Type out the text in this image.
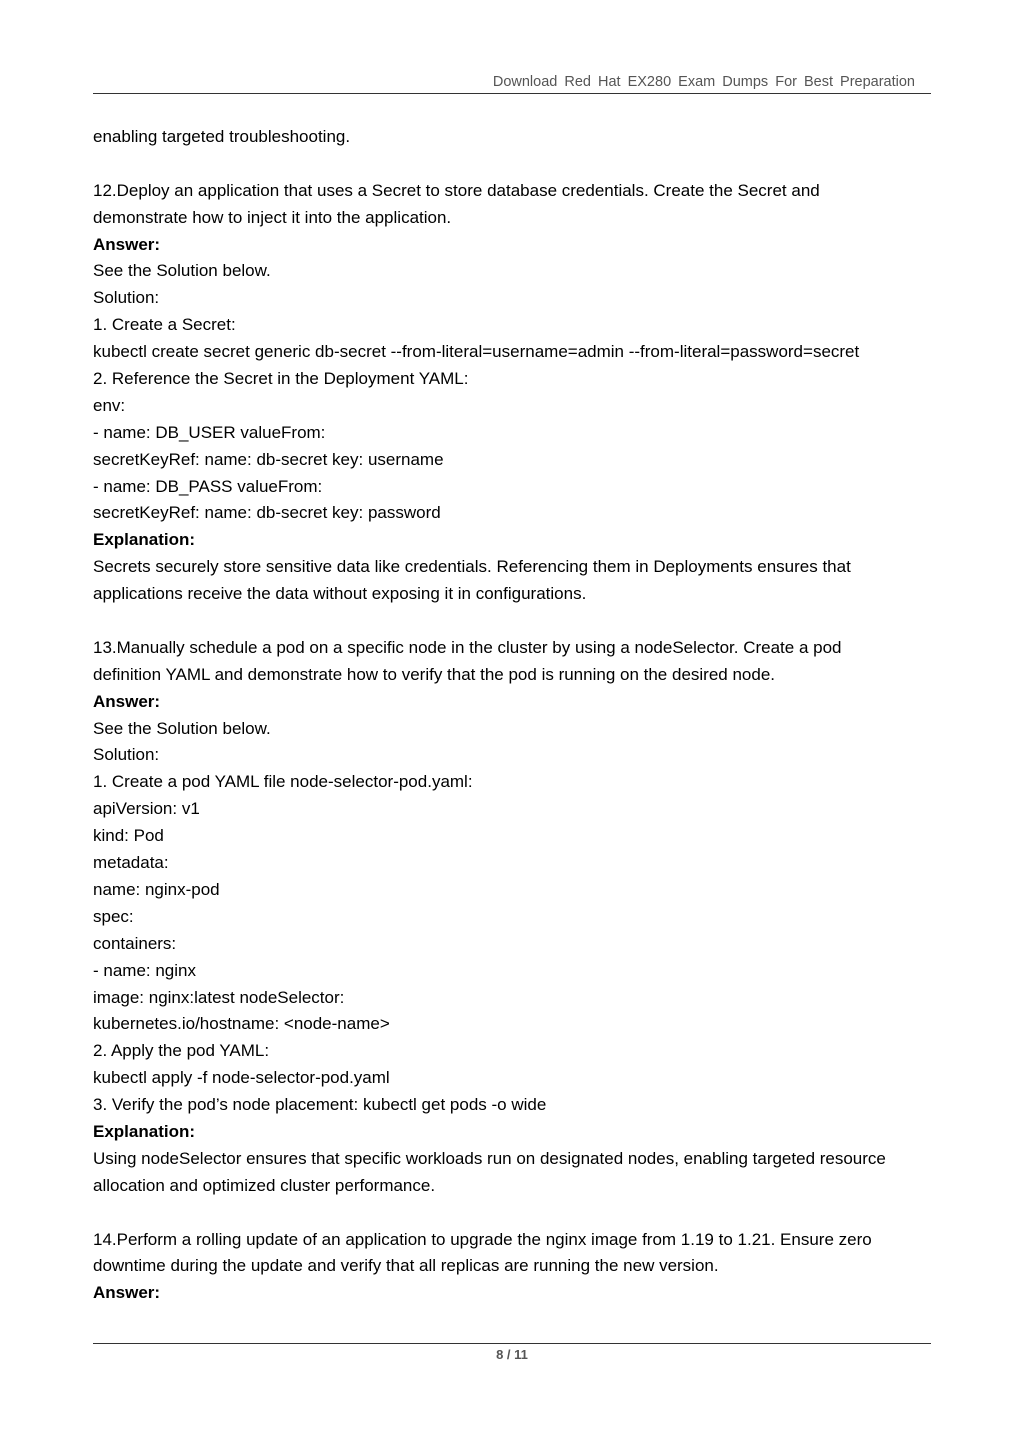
Download Red Hat EX280 Exam Dumps For Best Preparation
enabling targeted troubleshooting.
12.Deploy an application that uses a Secret to store database credentials. Create the Secret and
demonstrate how to inject it into the application.
Answer:
See the Solution below.
Solution:
1. Create a Secret:
kubectl create secret generic db-secret --from-literal=username=admin --from-literal=password=secret
2. Reference the Secret in the Deployment YAML:
env:
- name: DB_USER valueFrom:
secretKeyRef: name: db-secret key: username
- name: DB_PASS valueFrom:
secretKeyRef: name: db-secret key: password
Explanation:
Secrets securely store sensitive data like credentials. Referencing them in Deployments ensures that
applications receive the data without exposing it in configurations.
13.Manually schedule a pod on a specific node in the cluster by using a nodeSelector. Create a pod
definition YAML and demonstrate how to verify that the pod is running on the desired node.
Answer:
See the Solution below.
Solution:
1. Create a pod YAML file node-selector-pod.yaml:
apiVersion: v1
kind: Pod
metadata:
name: nginx-pod
spec:
containers:
- name: nginx
image: nginx:latest nodeSelector:
kubernetes.io/hostname: <node-name>
2. Apply the pod YAML:
kubectl apply -f node-selector-pod.yaml
3. Verify the pod’s node placement: kubectl get pods -o wide
Explanation:
Using nodeSelector ensures that specific workloads run on designated nodes, enabling targeted resource
allocation and optimized cluster performance.
14.Perform a rolling update of an application to upgrade the nginx image from 1.19 to 1.21. Ensure zero
downtime during the update and verify that all replicas are running the new version.
Answer:
8 / 11
